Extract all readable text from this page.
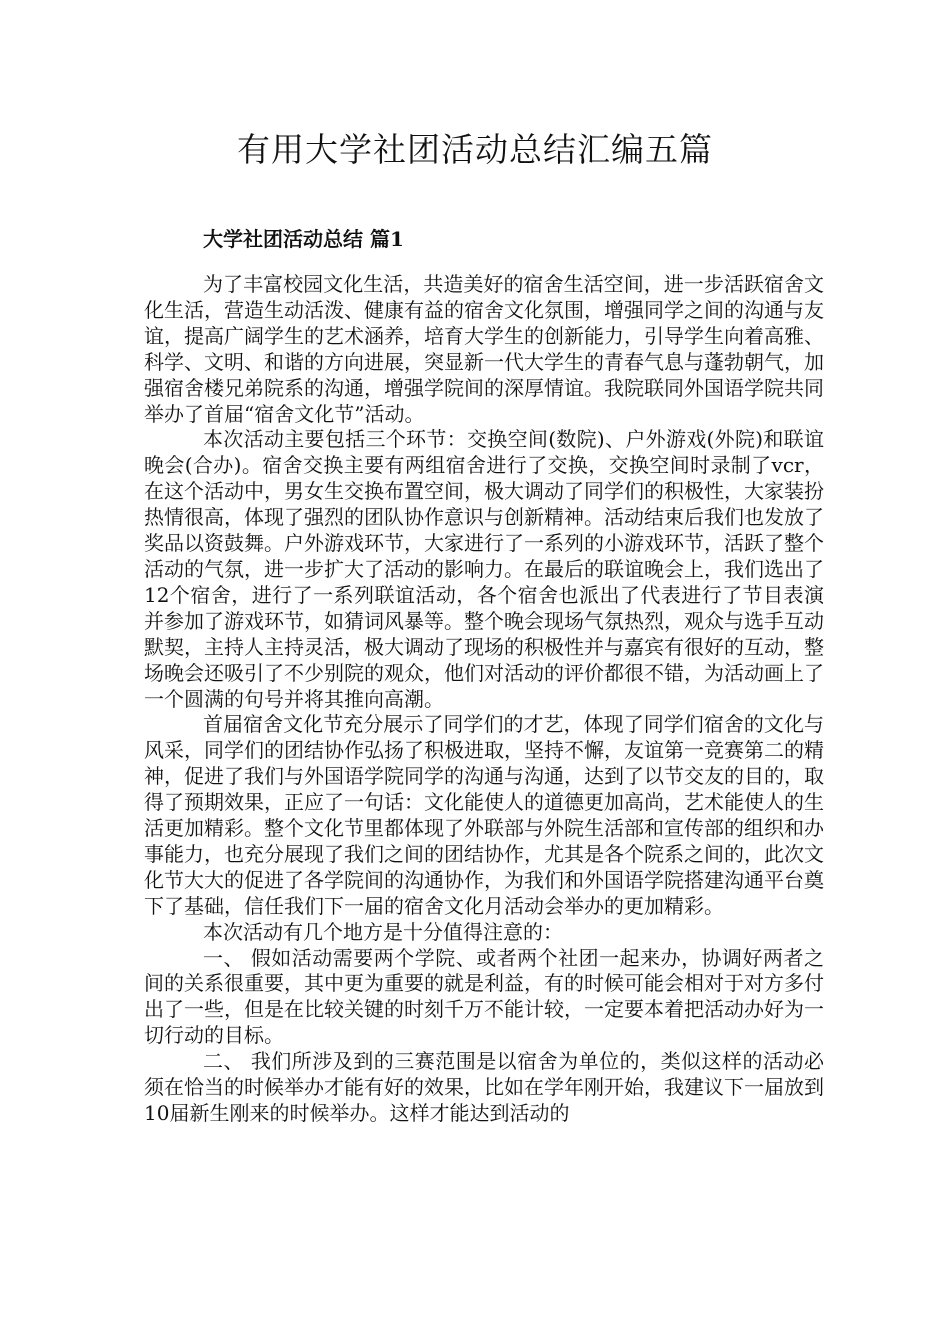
有用大学社团活动总结汇编五篇
大学社团活动总结 篇1

为了丰富校园文化生活，共造美好的宿舍生活空间，进一步活跃宿舍文化生活，营造生动活泼、健康有益的宿舍文化氛围，增强同学之间的沟通与友谊，提高广阔学生的艺术涵养，培育大学生的创新能力，引导学生向着高雅、科学、文明、和谐的方向进展，突显新一代大学生的青春气息与蓬勃朝气，加强宿舍楼兄弟院系的沟通，增强学院间的深厚情谊。我院联同外国语学院共同举办了首届“宿舍文化节”活动。

本次活动主要包括三个环节：交换空间(数院)、户外游戏(外院)和联谊晚会(合办)。宿舍交换主要有两组宿舍进行了交换，交换空间时录制了vcr，在这个活动中，男女生交换布置空间，极大调动了同学们的积极性，大家装扮热情很高，体现了强烈的团队协作意识与创新精神。活动结束后我们也发放了奖品以资鼓舞。户外游戏环节，大家进行了一系列的小游戏环节，活跃了整个活动的气氛，进一步扩大了活动的影响力。在最后的联谊晚会上，我们选出了12个宿舍，进行了一系列联谊活动，各个宿舍也派出了代表进行了节目表演并参加了游戏环节，如猜词风暴等。整个晚会现场气氛热烈，观众与选手互动默契，主持人主持灵活，极大调动了现场的积极性并与嘉宾有很好的互动，整场晚会还吸引了不少别院的观众，他们对活动的评价都很不错，为活动画上了一个圆满的句号并将其推向高潮。

首届宿舍文化节充分展示了同学们的才艺，体现了同学们宿舍的文化与风采，同学们的团结协作弘扬了积极进取，坚持不懈，友谊第一竞赛第二的精神，促进了我们与外国语学院同学的沟通与沟通，达到了以节交友的目的，取得了预期效果，正应了一句话：文化能使人的道德更加高尚，艺术能使人的生活更加精彩。整个文化节里都体现了外联部与外院生活部和宣传部的组织和办事能力，也充分展现了我们之间的团结协作，尤其是各个院系之间的，此次文化节大大的促进了各学院间的沟通协作，为我们和外国语学院搭建沟通平台奠下了基础，信任我们下一届的宿舍文化月活动会举办的更加精彩。

本次活动有几个地方是十分值得注意的：

一、 假如活动需要两个学院、或者两个社团一起来办，协调好两者之间的关系很重要，其中更为重要的就是利益，有的时候可能会相对于对方多付出了一些，但是在比较关键的时刻千万不能计较，一定要本着把活动办好为一切行动的目标。

二、 我们所涉及到的三赛范围是以宿舍为单位的，类似这样的活动必须在恰当的时候举办才能有好的效果，比如在学年刚开始，我建议下一届放到10届新生刚来的时候举办。这样才能达到活动的
